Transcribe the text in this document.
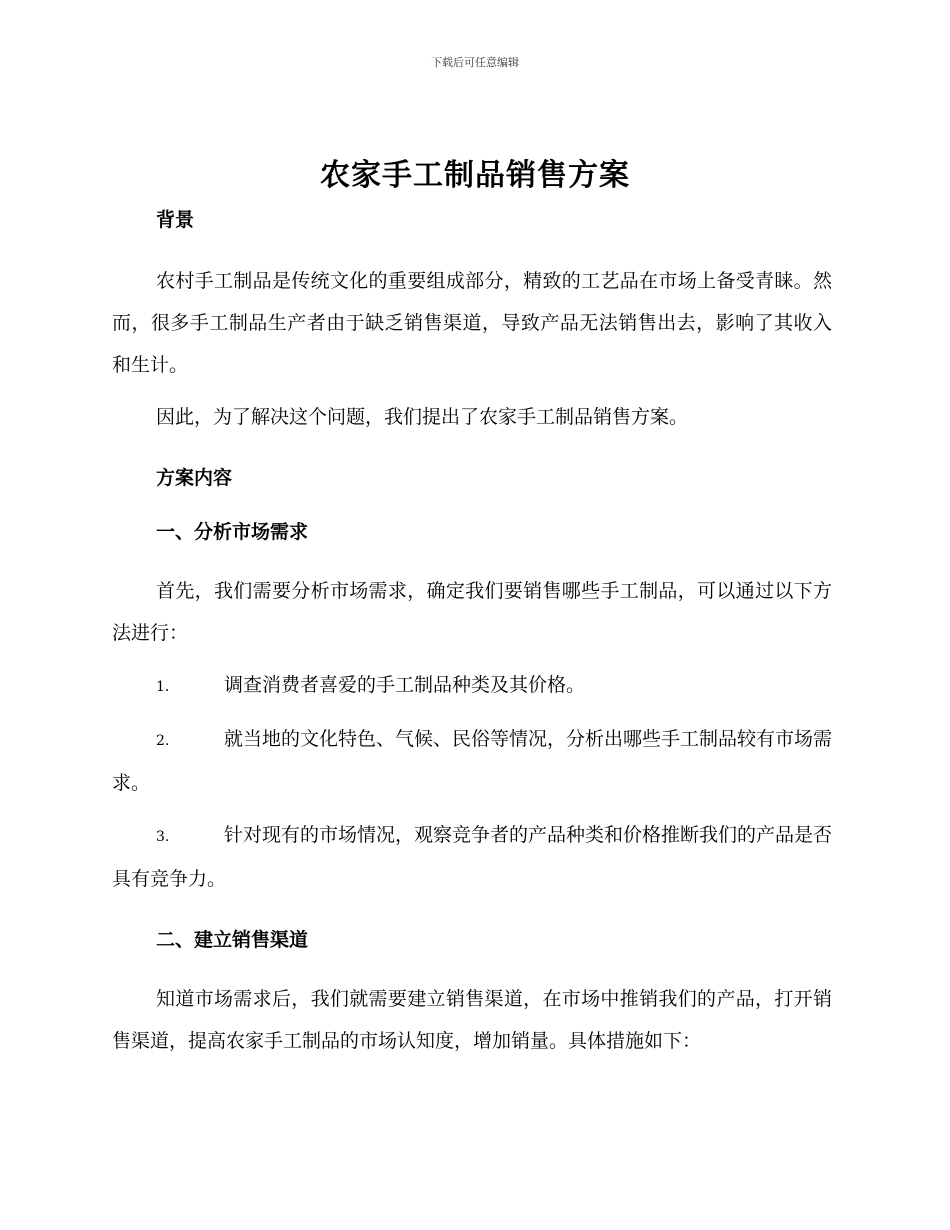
下载后可任意编辑
农家手工制品销售方案

背景

农村手工制品是传统文化的重要组成部分，精致的工艺品在市场上备受青睐。然而，很多手工制品生产者由于缺乏销售渠道，导致产品无法销售出去，影响了其收入和生计。

因此，为了解决这个问题，我们提出了农家手工制品销售方案。

方案内容

一、分析市场需求

首先，我们需要分析市场需求，确定我们要销售哪些手工制品，可以通过以下方法进行：

1.	调查消费者喜爱的手工制品种类及其价格。

2.	就当地的文化特色、气候、民俗等情况，分析出哪些手工制品较有市场需求。

3.	针对现有的市场情况，观察竞争者的产品种类和价格推断我们的产品是否具有竞争力。

二、建立销售渠道

知道市场需求后，我们就需要建立销售渠道，在市场中推销我们的产品，打开销售渠道，提高农家手工制品的市场认知度，增加销量。具体措施如下：
